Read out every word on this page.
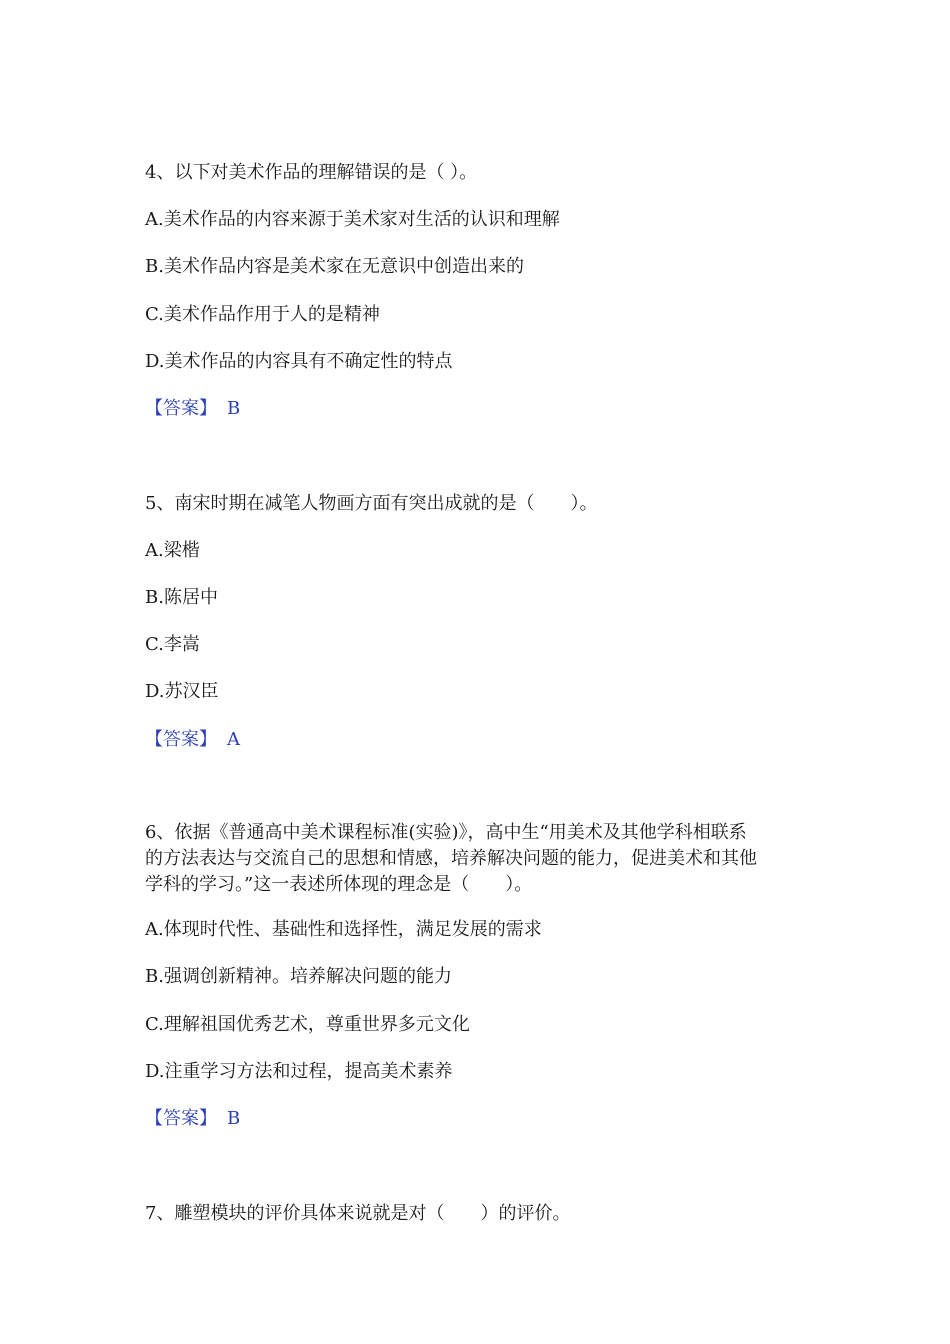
4、以下对美术作品的理解错误的是（ ）。

A.美术作品的内容来源于美术家对生活的认识和理解

B.美术作品内容是美术家在无意识中创造出来的

C.美术作品作用于人的是精神

D.美术作品的内容具有不确定性的特点

【答案】 B

5、南宋时期在减笔人物画方面有突出成就的是（　　）。

A.梁楷

B.陈居中

C.李嵩

D.苏汉臣

【答案】 A

6、依据《普通高中美术课程标准(实验)》，高中生“用美术及其他学科相联系

的方法表达与交流自己的思想和情感，培养解决问题的能力，促进美术和其他

学科的学习。”这一表述所体现的理念是（　　）。

A.体现时代性、基础性和选择性，满足发展的需求

B.强调创新精神。培养解决问题的能力

C.理解祖国优秀艺术，尊重世界多元文化

D.注重学习方法和过程，提高美术素养

【答案】 B

7、雕塑模块的评价具体来说就是对（　　）的评价。
